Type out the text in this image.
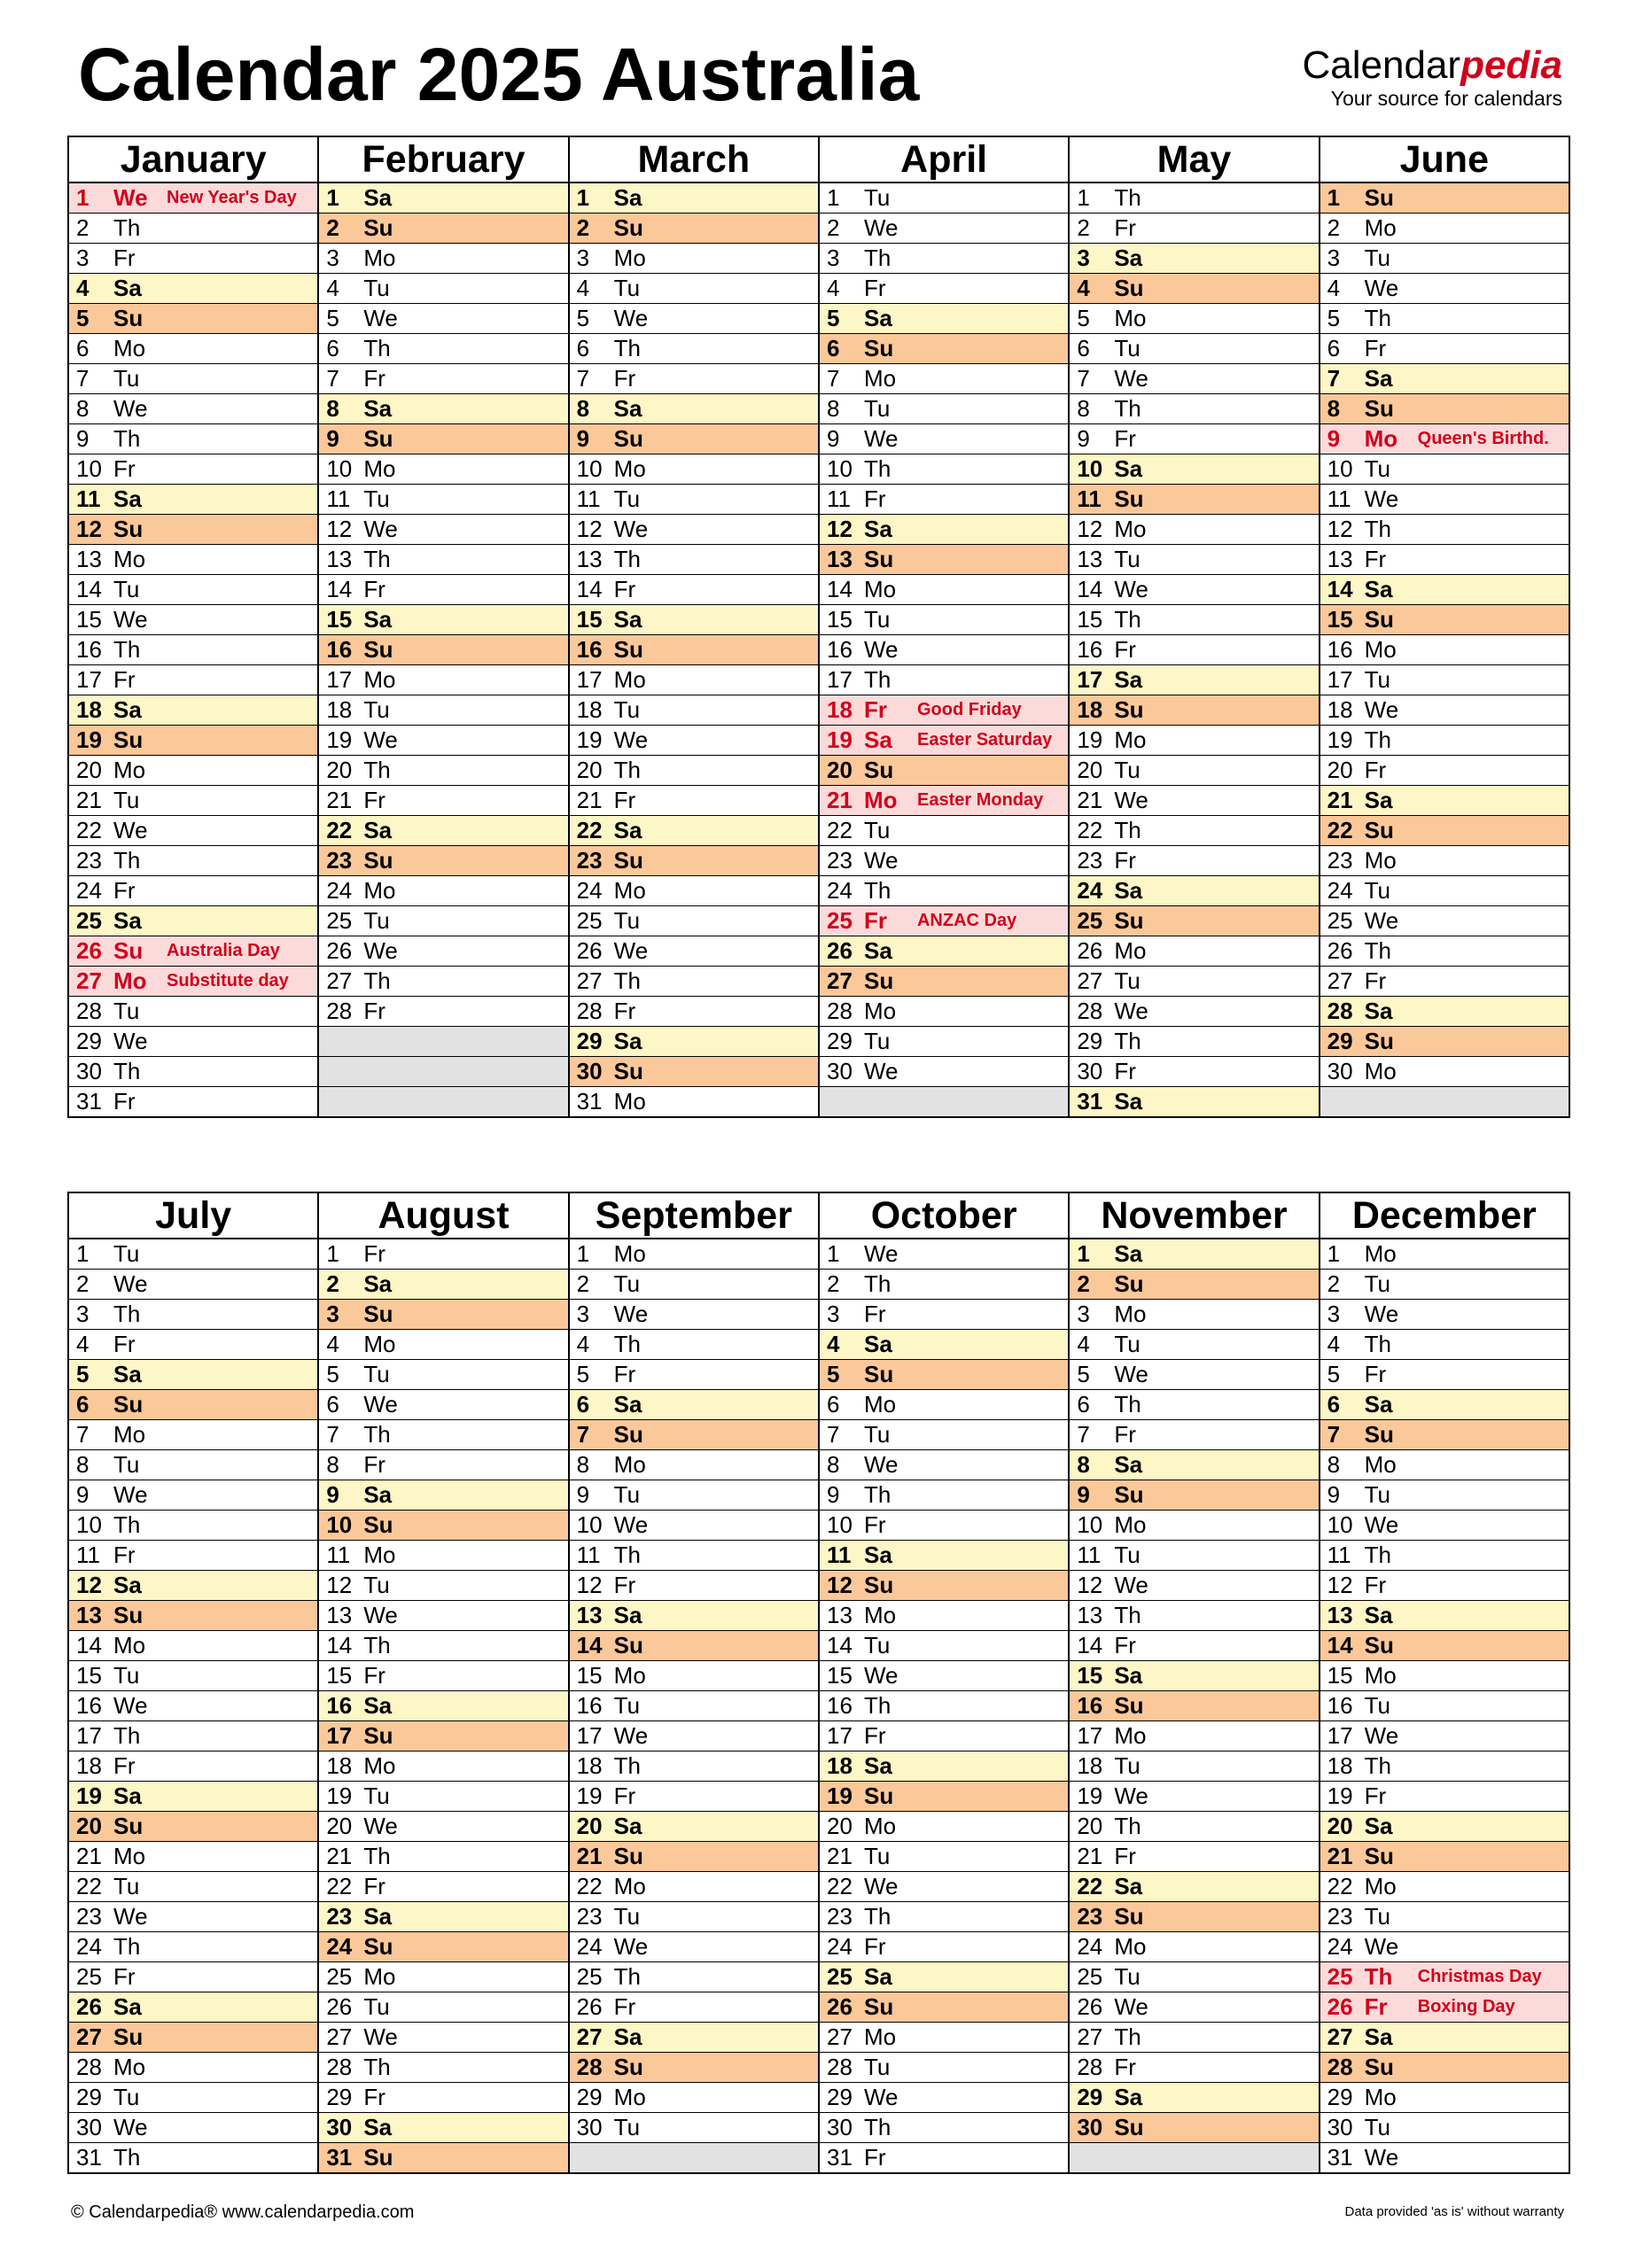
Calendar 2025 Australia	Calendarpedia
Your source for calendars
January	February	March	April	May	June

1 We New Year's Day	1 Sa	1 Sa	1 Tu	1 Th	1 Su

2 Th	2 Su	2 Su	2 We	2 Fr	2 Mo

3 Fr	3 Mo	3 Mo	3 Th	3 Sa	3 Tu

4 Sa	4 Tu	4 Tu	4 Fr	4 Su	4 We

5 Su	5 We	5 We	5 Sa	5 Mo	5 Th

6 Mo	6 Th	6 Th	6 Su	6 Tu	6 Fr

7 Tu	7 Fr	7 Fr	7 Mo	7 We	7 Sa

8 We	8 Sa	8 Sa	8 Tu	8 Th	8 Su

9 Th	9 Su	9 Su	9 We	9 Fr	9 Mo Queen's Birthd.

10 Fr	10 Mo	10 Mo	10 Th	10 Sa	10 Tu

11 Sa	11 Tu	11 Tu	11 Fr	11 Su	11 We

12 Su	12 We	12 We	12 Sa	12 Mo	12 Th

13 Mo	13 Th	13 Th	13 Su	13 Tu	13 Fr

14 Tu	14 Fr	14 Fr	14 Mo	14 We	14 Sa

15 We	15 Sa	15 Sa	15 Tu	15 Th	15 Su

16 Th	16 Su	16 Su	16 We	16 Fr	16 Mo

17 Fr	17 Mo	17 Mo	17 Th	17 Sa	17 Tu

18 Sa	18 Tu	18 Tu	18 Fr Good Friday	18 Su	18 We

19 Su	19 We	19 We	19 Sa Easter Saturday	19 Mo	19 Th

20 Mo	20 Th	20 Th	20 Su	20 Tu	20 Fr

21 Tu	21 Fr	21 Fr	21 Mo Easter Monday	21 We	21 Sa

22 We	22 Sa	22 Sa	22 Tu	22 Th	22 Su

23 Th	23 Su	23 Su	23 We	23 Fr	23 Mo

24 Fr	24 Mo	24 Mo	24 Th	24 Sa	24 Tu

25 Sa	25 Tu	25 Tu	25 Fr ANZAC Day	25 Su	25 We

26 Su Australia Day	26 We	26 We	26 Sa	26 Mo	26 Th

27 Mo Substitute day	27 Th	27 Th	27 Su	27 Tu	27 Fr

28 Tu	28 Fr	28 Fr	28 Mo	28 We	28 Sa

29 We		29 Sa	29 Tu	29 Th	29 Su

30 Th		30 Su	30 We	30 Fr	30 Mo

31 Fr		31 Mo		31 Sa	

July	August	September	October	November	December

1 Tu	1 Fr	1 Mo	1 We	1 Sa	1 Mo

2 We	2 Sa	2 Tu	2 Th	2 Su	2 Tu

3 Th	3 Su	3 We	3 Fr	3 Mo	3 We

4 Fr	4 Mo	4 Th	4 Sa	4 Tu	4 Th

5 Sa	5 Tu	5 Fr	5 Su	5 We	5 Fr

6 Su	6 We	6 Sa	6 Mo	6 Th	6 Sa

7 Mo	7 Th	7 Su	7 Tu	7 Fr	7 Su

8 Tu	8 Fr	8 Mo	8 We	8 Sa	8 Mo

9 We	9 Sa	9 Tu	9 Th	9 Su	9 Tu

10 Th	10 Su	10 We	10 Fr	10 Mo	10 We

11 Fr	11 Mo	11 Th	11 Sa	11 Tu	11 Th

12 Sa	12 Tu	12 Fr	12 Su	12 We	12 Fr

13 Su	13 We	13 Sa	13 Mo	13 Th	13 Sa

14 Mo	14 Th	14 Su	14 Tu	14 Fr	14 Su

15 Tu	15 Fr	15 Mo	15 We	15 Sa	15 Mo

16 We	16 Sa	16 Tu	16 Th	16 Su	16 Tu

17 Th	17 Su	17 We	17 Fr	17 Mo	17 We

18 Fr	18 Mo	18 Th	18 Sa	18 Tu	18 Th

19 Sa	19 Tu	19 Fr	19 Su	19 We	19 Fr

20 Su	20 We	20 Sa	20 Mo	20 Th	20 Sa

21 Mo	21 Th	21 Su	21 Tu	21 Fr	21 Su

22 Tu	22 Fr	22 Mo	22 We	22 Sa	22 Mo

23 We	23 Sa	23 Tu	23 Th	23 Su	23 Tu

24 Th	24 Su	24 We	24 Fr	24 Mo	24 We

25 Fr	25 Mo	25 Th	25 Sa	25 Tu	25 Th Christmas Day

26 Sa	26 Tu	26 Fr	26 Su	26 We	26 Fr Boxing Day

27 Su	27 We	27 Sa	27 Mo	27 Th	27 Sa

28 Mo	28 Th	28 Su	28 Tu	28 Fr	28 Su

29 Tu	29 Fr	29 Mo	29 We	29 Sa	29 Mo

30 We	30 Sa	30 Tu	30 Th	30 Su	30 Tu

31 Th	31 Su		31 Fr		31 We
© Calendarpedia® www.calendarpedia.com	Data provided 'as is' without warranty
